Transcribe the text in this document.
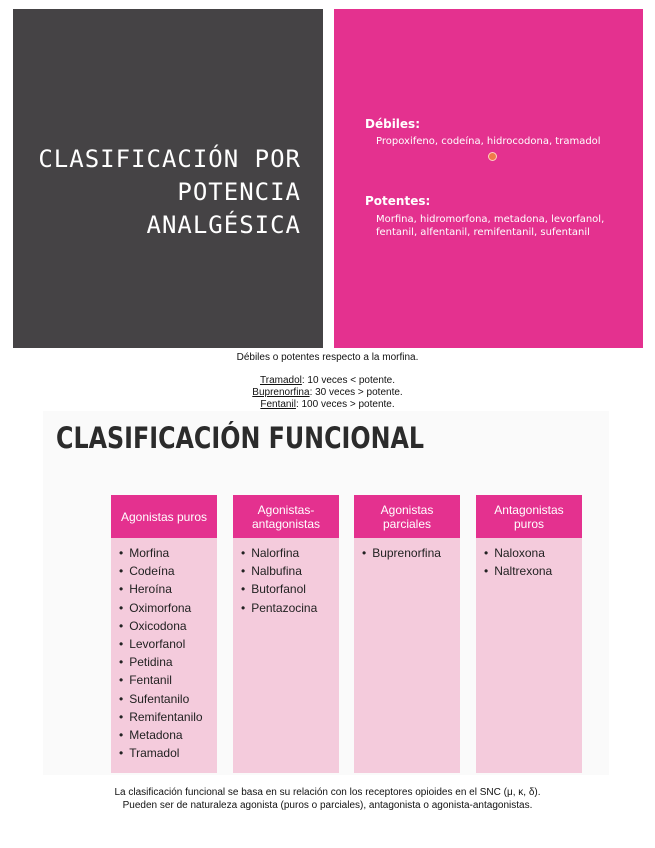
CLASIFICACIÓN POR
POTENCIA ANALGÉSICA
Débiles:
Propoxifeno, codeína, hidrocodona, tramadol
Potentes:
Morfina, hidromorfona, metadona, levorfanol,
fentanil, alfentanil, remifentanil, sufentanil
Débiles o potentes respecto a la morfina.
Tramadol: 10 veces < potente.
Buprenorfina: 30 veces > potente.
Fentanil: 100 veces > potente.
CLASIFICACIÓN FUNCIONAL
Agonistas puros
• Morfina
• Codeína
• Heroína
• Oximorfona
• Oxicodona
• Levorfanol
• Petidina
• Fentanil
• Sufentanilo
• Remifentanilo
• Metadona
• Tramadol
Agonistas-
antagonistas
• Nalorfina
• Nalbufina
• Butorfanol
• Pentazocina
Agonistas
parciales
• Buprenorfina
Antagonistas
puros
• Naloxona
• Naltrexona
La clasificación funcional se basa en su relación con los receptores opioides en el SNC (μ, κ, δ).
Pueden ser de naturaleza agonista (puros o parciales), antagonista o agonista-antagonistas.
